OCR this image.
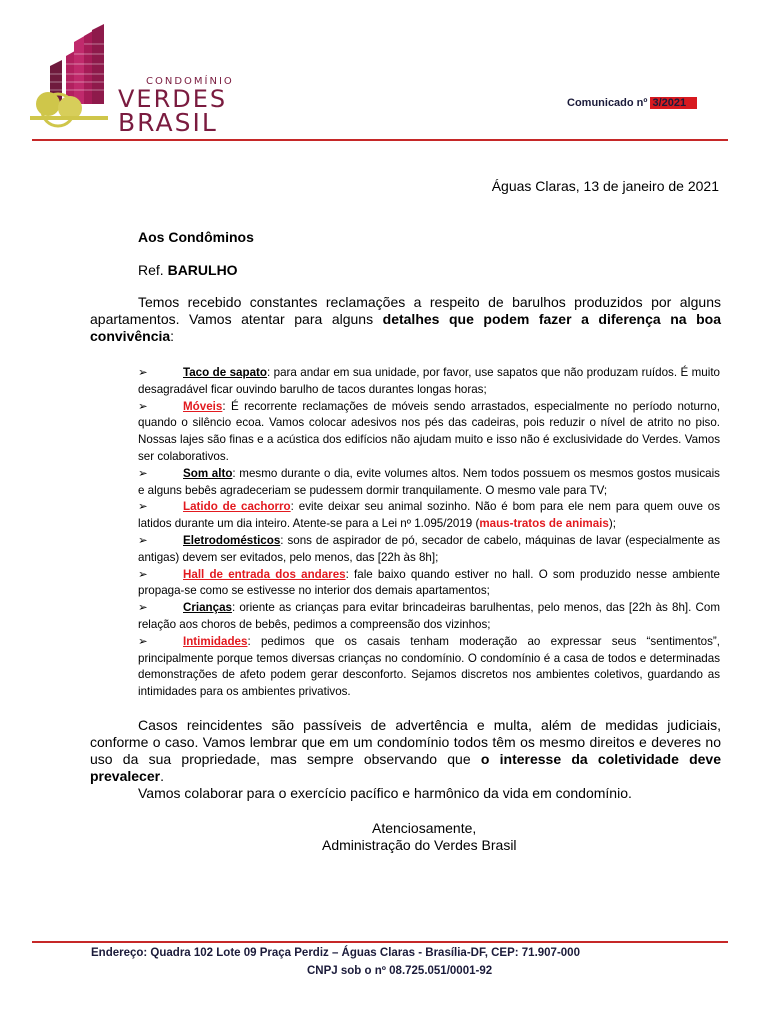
CONDOMÍNIO
VERDES
BRASIL
Comunicado nº 3/2021
Águas Claras, 13 de janeiro de 2021
Aos Condôminos
Ref. BARULHO
Temos recebido constantes reclamações a respeito de barulhos produzidos por alguns apartamentos. Vamos atentar para alguns detalhes que podem fazer a diferença na boa convivência:
➢	Taco de sapato: para andar em sua unidade, por favor, use sapatos que não produzam ruídos. É muito desagradável ficar ouvindo barulho de tacos durantes longas horas;
➢	Móveis: É recorrente reclamações de móveis sendo arrastados, especialmente no período noturno, quando o silêncio ecoa. Vamos colocar adesivos nos pés das cadeiras, pois reduzir o nível de atrito no piso. Nossas lajes são finas e a acústica dos edifícios não ajudam muito e isso não é exclusividade do Verdes. Vamos ser colaborativos.
➢	Som alto: mesmo durante o dia, evite volumes altos. Nem todos possuem os mesmos gostos musicais e alguns bebês agradeceriam se pudessem dormir tranquilamente. O mesmo vale para TV;
➢	Latido de cachorro: evite deixar seu animal sozinho. Não é bom para ele nem para quem ouve os latidos durante um dia inteiro. Atente-se para a Lei nº 1.095/2019 (maus-tratos de animais);
➢	Eletrodomésticos: sons de aspirador de pó, secador de cabelo, máquinas de lavar (especialmente as antigas) devem ser evitados, pelo menos, das [22h às 8h];
➢	Hall de entrada dos andares: fale baixo quando estiver no hall. O som produzido nesse ambiente propaga-se como se estivesse no interior dos demais apartamentos;
➢	Crianças: oriente as crianças para evitar brincadeiras barulhentas, pelo menos, das [22h às 8h]. Com relação aos choros de bebês, pedimos a compreensão dos vizinhos;
➢	Intimidades: pedimos que os casais tenham moderação ao expressar seus “sentimentos”, principalmente porque temos diversas crianças no condomínio. O condomínio é a casa de todos e determinadas demonstrações de afeto podem gerar desconforto. Sejamos discretos nos ambientes coletivos, guardando as intimidades para os ambientes privativos.
Casos reincidentes são passíveis de advertência e multa, além de medidas judiciais, conforme o caso. Vamos lembrar que em um condomínio todos têm os mesmo direitos e deveres no uso da sua propriedade, mas sempre observando que o interesse da coletividade deve prevalecer.
Vamos colaborar para o exercício pacífico e harmônico da vida em condomínio.
Atenciosamente,
Administração do Verdes Brasil
Endereço: Quadra 102 Lote 09 Praça Perdiz – Águas Claras - Brasília-DF, CEP: 71.907-000
CNPJ sob o nº 08.725.051/0001-92
